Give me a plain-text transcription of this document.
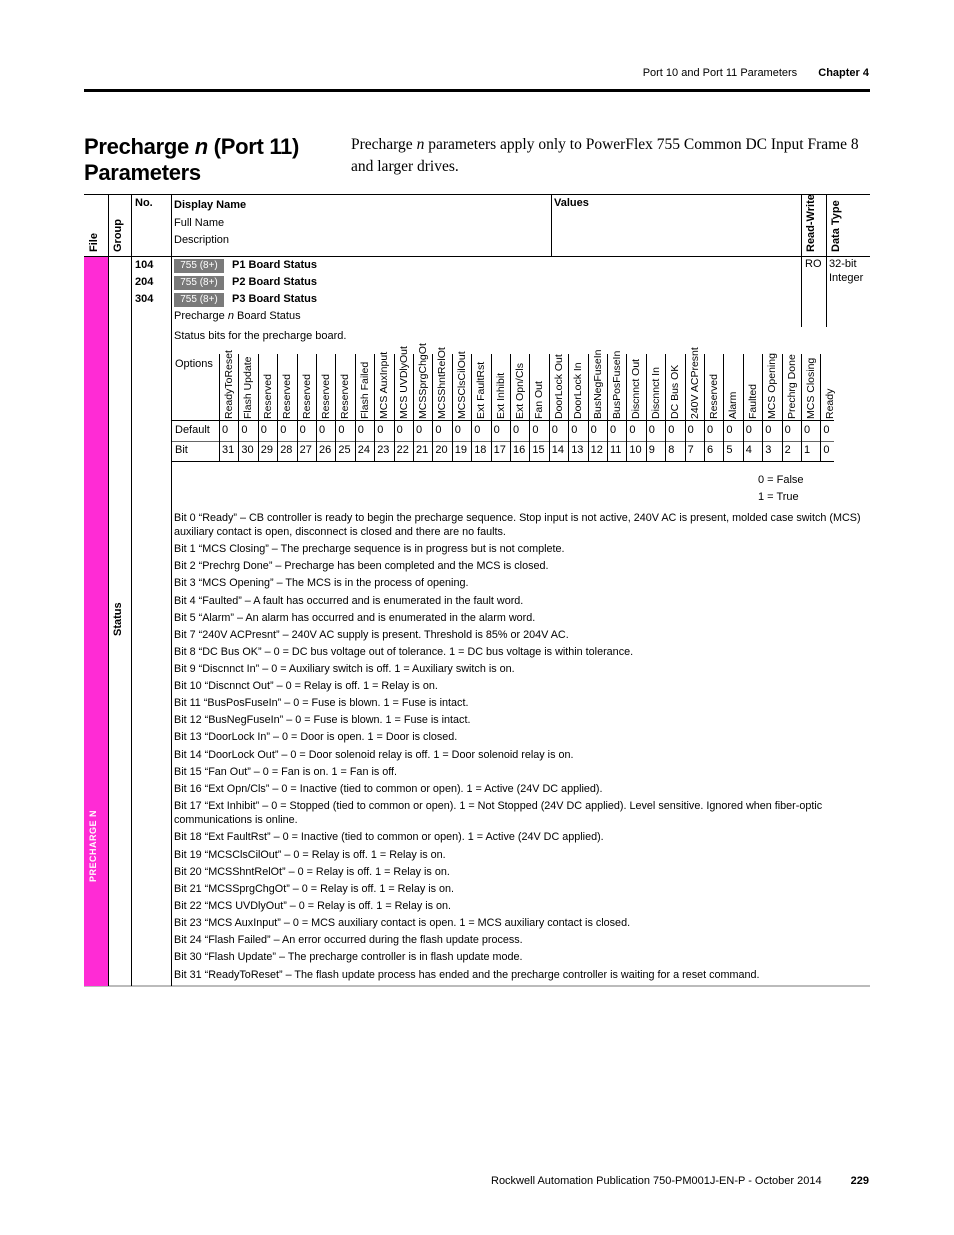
Port 10 and Port 11 Parameters Chapter 4
Precharge n (Port 11)
Parameters
Precharge n parameters apply only to PowerFlex 755 Common DC Input Frame 8 and larger drives.
File Group
No. Display Name
Full Name
Description
Values	Read-Write Data Type
PRECHARGE N
Status
104
204
304
755 (8+) P1 Board Status
755 (8+) P2 Board Status
755 (8+) P3 Board Status
Precharge n Board Status
Status bits for the precharge board.
RO 32-bit Integer
Options
Default
Bit
ReadyToReset
0
31
Flash Update
0
30
Reserved
0
29
Reserved
0
28
Reserved
0
27
Reserved
0
26
Reserved
0
25
Flash Failed
0
24
MCS AuxInput
0
23
MCS UVDlyOut
0
22
MCSSprgChgOt
0
21
MCSShntRelOt
0
20
MCSClsCilOut
0
19
Ext FaultRst
0
18
Ext Inhibit
0
17
Ext Opn/Cls
0
16
Fan Out
0
15
DoorLock Out
0
14
DoorLock In
0
13
BusNegFuseIn
0
12
BusPosFuseIn
0
11
Discnnct Out
0
10
Discnnct In
0
9
DC Bus OK
0
8
240V ACPresnt
0
7
Reserved
0
6
Alarm
0
5
Faulted
0
4
MCS Opening
0
3
Prechrg Done
0
2
MCS Closing
0
1
Ready
0
0
0 = False
1 = True
Bit 0 “Ready” – CB controller is ready to begin the precharge sequence. Stop input is not active, 240V AC is present, molded case switch (MCS) auxiliary contact is open, disconnect is closed and there are no faults.
Bit 1 “MCS Closing” – The precharge sequence is in progress but is not complete.
Bit 2 “Prechrg Done” – Precharge has been completed and the MCS is closed.
Bit 3 “MCS Opening” – The MCS is in the process of opening.
Bit 4 “Faulted” – A fault has occurred and is enumerated in the fault word.
Bit 5 “Alarm” – An alarm has occurred and is enumerated in the alarm word.
Bit 7 “240V ACPresnt” – 240V AC supply is present. Threshold is 85% or 204V AC.
Bit 8 “DC Bus OK” – 0 = DC bus voltage out of tolerance. 1 = DC bus voltage is within tolerance.
Bit 9 “Discnnct In” – 0 = Auxiliary switch is off. 1 = Auxiliary switch is on.
Bit 10 “Discnnct Out” – 0 = Relay is off. 1 = Relay is on.
Bit 11 “BusPosFuseIn” – 0 = Fuse is blown. 1 = Fuse is intact.
Bit 12 “BusNegFuseIn” – 0 = Fuse is blown. 1 = Fuse is intact.
Bit 13 “DoorLock In” – 0 = Door is open. 1 = Door is closed.
Bit 14 “DoorLock Out” – 0 = Door solenoid relay is off. 1 = Door solenoid relay is on.
Bit 15 “Fan Out” – 0 = Fan is on. 1 = Fan is off.
Bit 16 “Ext Opn/Cls” – 0 = Inactive (tied to common or open). 1 = Active (24V DC applied).
Bit 17 “Ext Inhibit” – 0 = Stopped (tied to common or open). 1 = Not Stopped (24V DC applied). Level sensitive. Ignored when fiber-optic communications is online.
Bit 18 “Ext FaultRst” – 0 = Inactive (tied to common or open). 1 = Active (24V DC applied).
Bit 19 “MCSClsCilOut” – 0 = Relay is off. 1 = Relay is on.
Bit 20 “MCSShntRelOt” – 0 = Relay is off. 1 = Relay is on.
Bit 21 “MCSSprgChgOt” – 0 = Relay is off. 1 = Relay is on.
Bit 22 “MCS UVDlyOut” – 0 = Relay is off. 1 = Relay is on.
Bit 23 “MCS AuxInput” – 0 = MCS auxiliary contact is open. 1 = MCS auxiliary contact is closed.
Bit 24 “Flash Failed” – An error occurred during the flash update process.
Bit 30 “Flash Update” – The precharge controller is in flash update mode.
Bit 31 “ReadyToReset” – The flash update process has ended and the precharge controller is waiting for a reset command.
Rockwell Automation Publication 750-PM001J-EN-P - October 2014	229
